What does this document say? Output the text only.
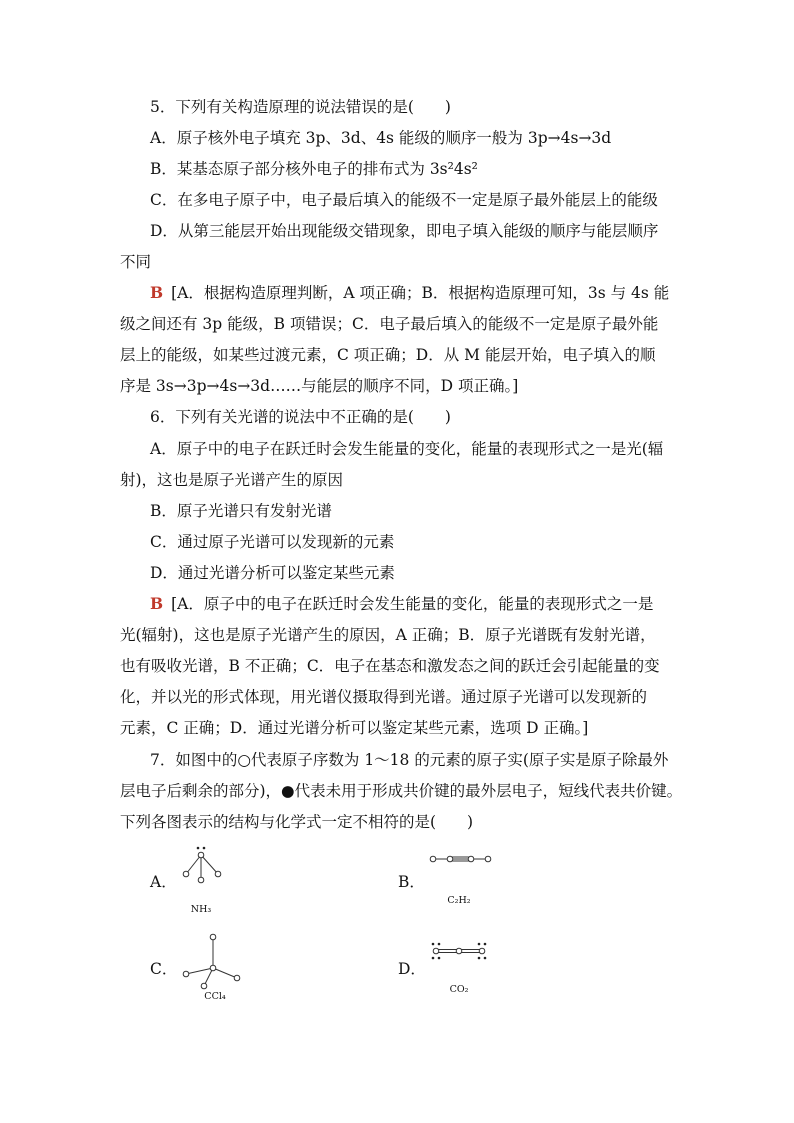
5．下列有关构造原理的说法错误的是(　　)
A．原子核外电子填充 3p、3d、4s 能级的顺序一般为 3p→4s→3d
B．某基态原子部分核外电子的排布式为 3s²4s²
C．在多电子原子中，电子最后填入的能级不一定是原子最外能层上的能级
D．从第三能层开始出现能级交错现象，即电子填入能级的顺序与能层顺序
不同
B [A．根据构造原理判断，A 项正确；B．根据构造原理可知，3s 与 4s 能
级之间还有 3p 能级，B 项错误；C．电子最后填入的能级不一定是原子最外能
层上的能级，如某些过渡元素，C 项正确；D．从 M 能层开始，电子填入的顺
序是 3s→3p→4s→3d……与能层的顺序不同，D 项正确。]
6．下列有关光谱的说法中不正确的是(　　)
A．原子中的电子在跃迁时会发生能量的变化，能量的表现形式之一是光(辐
射)，这也是原子光谱产生的原因
B．原子光谱只有发射光谱
C．通过原子光谱可以发现新的元素
D．通过光谱分析可以鉴定某些元素
B [A．原子中的电子在跃迁时会发生能量的变化，能量的表现形式之一是
光(辐射)，这也是原子光谱产生的原因，A 正确；B．原子光谱既有发射光谱，
也有吸收光谱，B 不正确；C．电子在基态和激发态之间的跃迁会引起能量的变
化，并以光的形式体现，用光谱仪摄取得到光谱。通过原子光谱可以发现新的
元素，C 正确；D．通过光谱分析可以鉴定某些元素，选项 D 正确。]
7．如图中的○代表原子序数为 1～18 的元素的原子实(原子实是原子除最外
层电子后剩余的部分)，●代表未用于形成共价键的最外层电子，短线代表共价键。
下列各图表示的结构与化学式一定不相符的是(　　)
A．
NH₃
B．
C₂H₂
C．
CCl₄
D．
CO₂
